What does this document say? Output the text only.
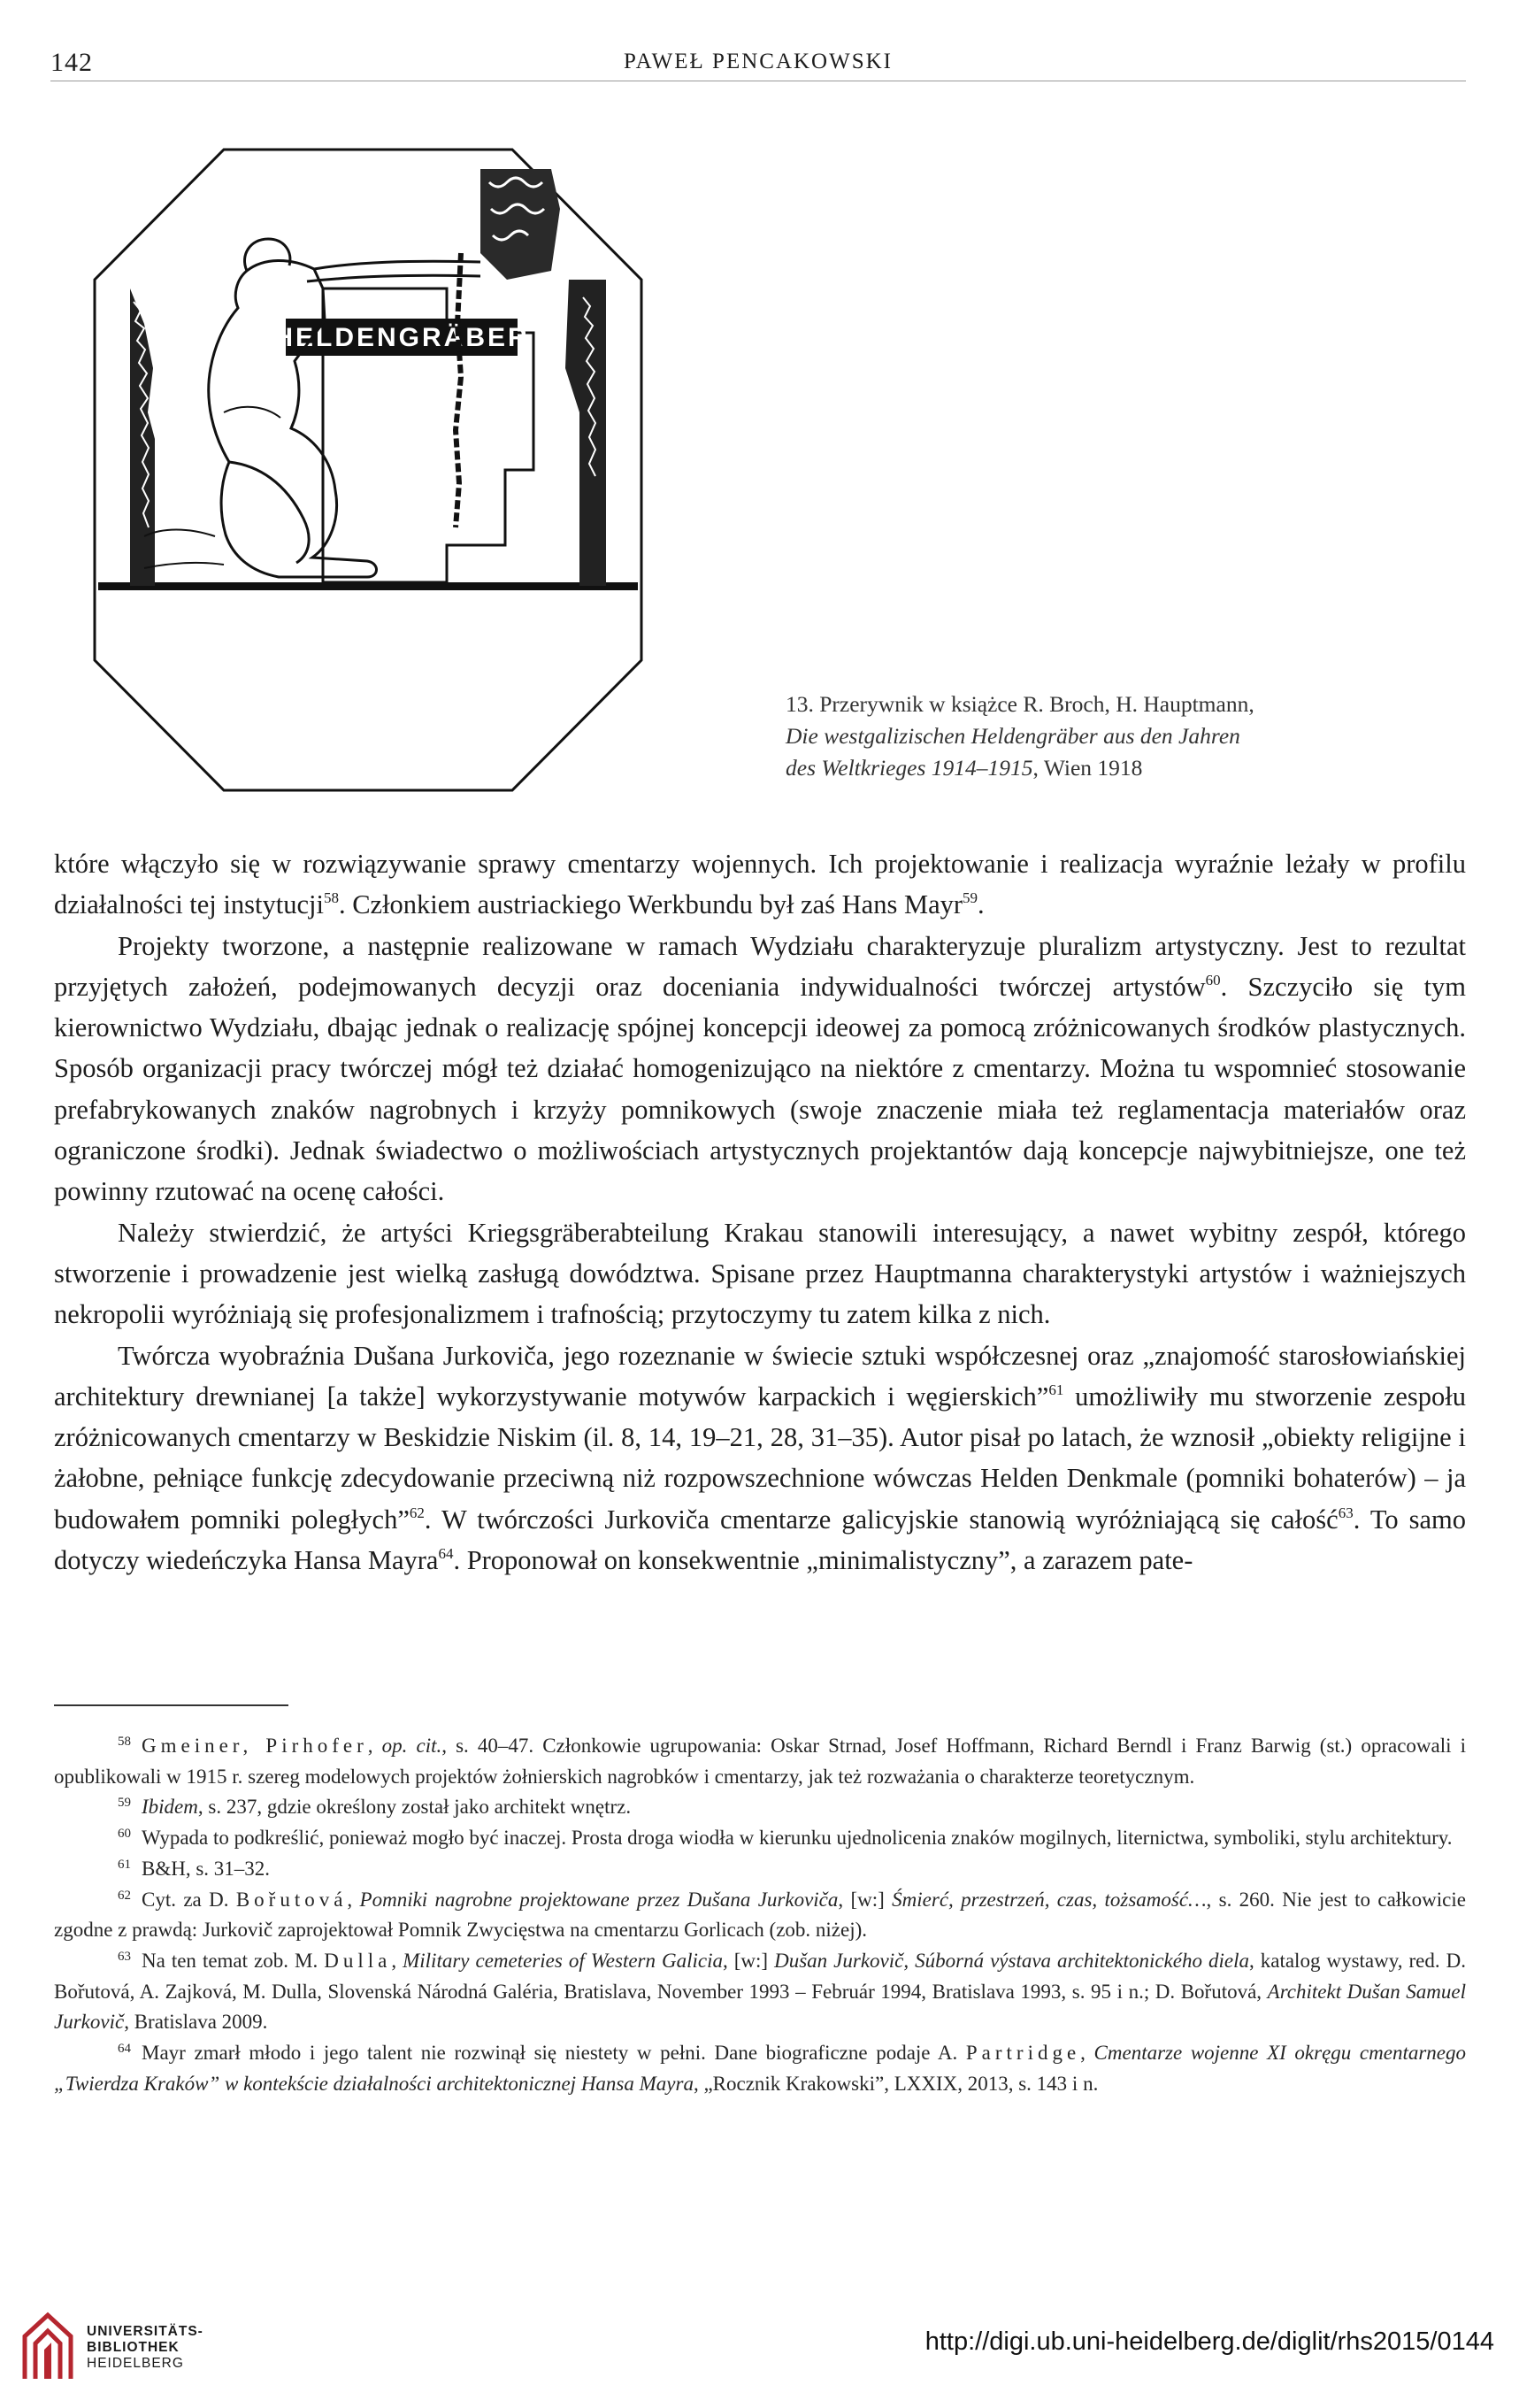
142	PAWEŁ PENCAKOWSKI
HELDENGRÄBER
13. Przerywnik w książce R. Broch, H. Hauptmann,
Die westgalizischen Heldengräber aus den Jahren
des Weltkrieges 1914–1915, Wien 1918

które włączyło się w rozwiązywanie sprawy cmentarzy wojennych. Ich projektowanie i realizacja wyraźnie leżały w profilu działalności tej instytucji$^{58}$. Członkiem austriackiego Werkbundu był zaś Hans Mayr$^{59}$.

Projekty tworzone, a następnie realizowane w ramach Wydziału charakteryzuje pluralizm artystyczny. Jest to rezultat przyjętych założeń, podejmowanych decyzji oraz doceniania indywidualności twórczej artystów$^{60}$. Szczyciło się tym kierownictwo Wydziału, dbając jednak o realizację spójnej koncepcji ideowej za pomocą zróżnicowanych środków plastycznych. Sposób organizacji pracy twórczej mógł też działać homogenizująco na niektóre z cmentarzy. Można tu wspomnieć stosowanie prefabrykowanych znaków nagrobnych i krzyży pomnikowych (swoje znaczenie miała też reglamentacja materiałów oraz ograniczone środki). Jednak świadectwo o możliwościach artystycznych projektantów dają koncepcje najwybitniejsze, one też powinny rzutować na ocenę całości.

Należy stwierdzić, że artyści Kriegsgräberabteilung Krakau stanowili interesujący, a nawet wybitny zespół, którego stworzenie i prowadzenie jest wielką zasługą dowództwa. Spisane przez Hauptmanna charakterystyki artystów i ważniejszych nekropolii wyróżniają się profesjonalizmem i trafnością; przytoczymy tu zatem kilka z nich.

Twórcza wyobraźnia Dušana Jurkoviča, jego rozeznanie w świecie sztuki współczesnej oraz „znajomość starosłowiańskiej architektury drewnianej [a także] wykorzystywanie motywów karpackich i węgierskich”$^{61}$ umożliwiły mu stworzenie zespołu zróżnicowanych cmentarzy w Beskidzie Niskim (il. 8, 14, 19–21, 28, 31–35). Autor pisał po latach, że wznosił „obiekty religijne i żałobne, pełniące funkcję zdecydowanie przeciwną niż rozpowszechnione wówczas Helden Denkmale (pomniki bohaterów) – ja budowałem pomniki poległych”$^{62}$. W twórczości Jurkoviča cmentarze galicyjskie stanowią wyróżniającą się całość$^{63}$. To samo dotyczy wiedeńczyka Hansa Mayra$^{64}$. Proponował on konsekwentnie „minimalistyczny”, a zarazem pate-

$^{58}$ Gmeiner, Pirhofer, op. cit., s. 40–47. Członkowie ugrupowania: Oskar Strnad, Josef Hoffmann, Richard Berndl i Franz Barwig (st.) opracowali i opublikowali w 1915 r. szereg modelowych projektów żołnierskich nagrobków i cmentarzy, jak też rozważania o charakterze teoretycznym.

$^{59}$ Ibidem, s. 237, gdzie określony został jako architekt wnętrz.

$^{60}$ Wypada to podkreślić, ponieważ mogło być inaczej. Prosta droga wiodła w kierunku ujednolicenia znaków mogilnych, liternictwa, symboliki, stylu architektury.

$^{61}$ B&H, s. 31–32.

$^{62}$ Cyt. za D. Bořutová, Pomniki nagrobne projektowane przez Dušana Jurkoviča, [w:] Śmierć, przestrzeń, czas, tożsamość…, s. 260. Nie jest to całkowicie zgodne z prawdą: Jurkovič zaprojektował Pomnik Zwycięstwa na cmentarzu Gorlicach (zob. niżej).

$^{63}$ Na ten temat zob. M. Dulla, Military cemeteries of Western Galicia, [w:] Dušan Jurkovič, Súborná výstava architektonického diela, katalog wystawy, red. D. Bořutová, A. Zajková, M. Dulla, Slovenská Národná Galéria, Bratislava, November 1993 – Február 1994, Bratislava 1993, s. 95 i n.; D. Bořutová, Architekt Dušan Samuel Jurkovič, Bratislava 2009.

$^{64}$ Mayr zmarł młodo i jego talent nie rozwinął się niestety w pełni. Dane biograficzne podaje A. Partridge, Cmentarze wojenne XI okręgu cmentarnego „Twierdza Kraków” w kontekście działalności architektonicznej Hansa Mayra, „Rocznik Krakowski”, LXXIX, 2013, s. 143 i n.

UNIVERSITÄTS-
BIBLIOTHEK
HEIDELBERG
http://digi.ub.uni-heidelberg.de/diglit/rhs2015/0144
